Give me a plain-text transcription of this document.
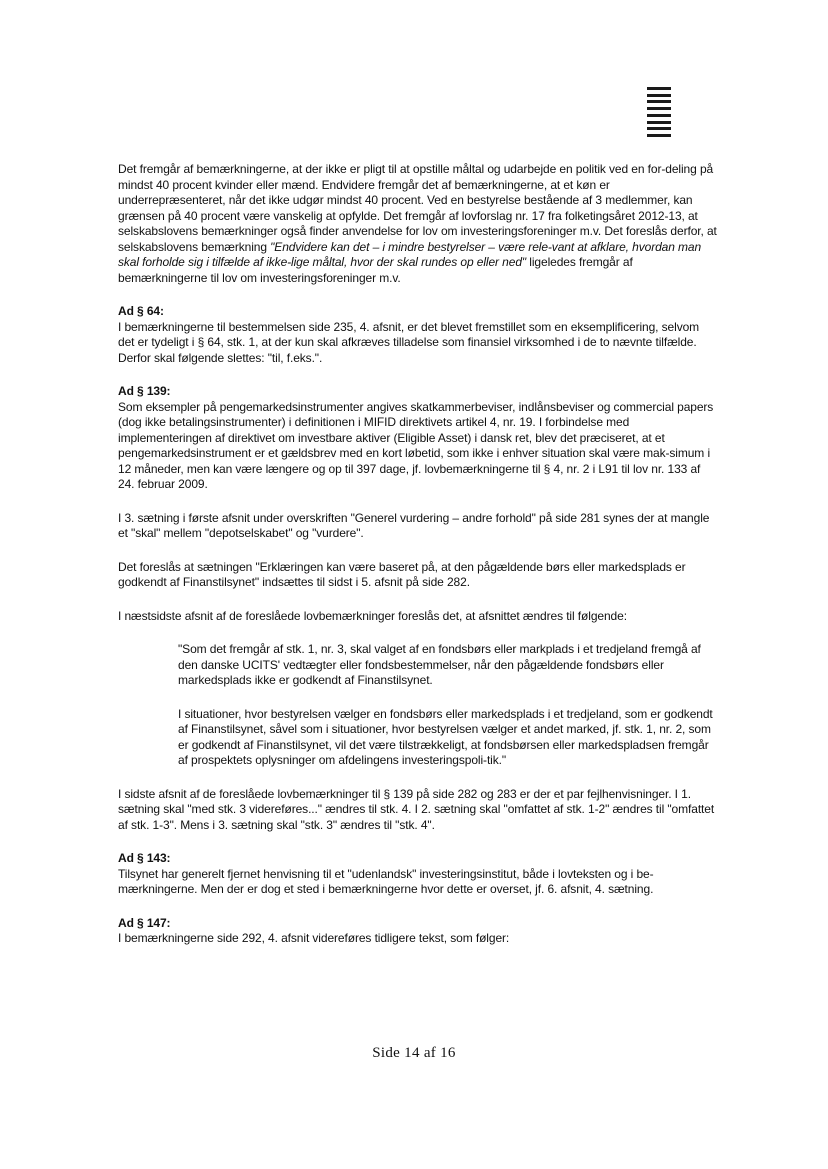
Det fremgår af bemærkningerne, at der ikke er pligt til at opstille måltal og udarbejde en politik ved en for-deling på mindst 40 procent kvinder eller mænd. Endvidere fremgår det af bemærkningerne, at et køn er underrepræsenteret, når det ikke udgør mindst 40 procent. Ved en bestyrelse bestående af 3 medlemmer, kan grænsen på 40 procent være vanskelig at opfylde. Det fremgår af lovforslag nr. 17 fra folketingsåret 2012-13, at selskabslovens bemærkninger også finder anvendelse for lov om investeringsforeninger m.v. Det foreslås derfor, at selskabslovens bemærkning "Endvidere kan det – i mindre bestyrelser – være rele-vant at afklare, hvordan man skal forholde sig i tilfælde af ikke-lige måltal, hvor der skal rundes op eller ned" ligeledes fremgår af bemærkningerne til lov om investeringsforeninger m.v.

Ad § 64:

I bemærkningerne til bestemmelsen side 235, 4. afsnit, er det blevet fremstillet som en eksemplificering, selvom det er tydeligt i § 64, stk. 1, at der kun skal afkræves tilladelse som finansiel virksomhed i de to nævnte tilfælde. Derfor skal følgende slettes: "til, f.eks.".

Ad § 139:

Som eksempler på pengemarkedsinstrumenter angives skatkammerbeviser, indlånsbeviser og commercial papers (dog ikke betalingsinstrumenter) i definitionen i MIFID direktivets artikel 4, nr. 19. I forbindelse med implementeringen af direktivet om investbare aktiver (Eligible Asset) i dansk ret, blev det præciseret, at et pengemarkedsinstrument er et gældsbrev med en kort løbetid, som ikke i enhver situation skal være mak-simum i 12 måneder, men kan være længere og op til 397 dage, jf. lovbemærkningerne til § 4, nr. 2 i L91 til lov nr. 133 af 24. februar 2009.

I 3. sætning i første afsnit under overskriften "Generel vurdering – andre forhold" på side 281 synes der at mangle et "skal" mellem "depotselskabet" og "vurdere".

Det foreslås at sætningen "Erklæringen kan være baseret på, at den pågældende børs eller markedsplads er godkendt af Finanstilsynet" indsættes til sidst i 5. afsnit på side 282.

I næstsidste afsnit af de foreslåede lovbemærkninger foreslås det, at afsnittet ændres til følgende:

"Som det fremgår af stk. 1, nr. 3, skal valget af en fondsbørs eller markplads i et tredjeland fremgå af den danske UCITS' vedtægter eller fondsbestemmelser, når den pågældende fondsbørs eller markedsplads ikke er godkendt af Finanstilsynet.

I situationer, hvor bestyrelsen vælger en fondsbørs eller markedsplads i et tredjeland, som er godkendt af Finanstilsynet, såvel som i situationer, hvor bestyrelsen vælger et andet marked, jf. stk. 1, nr. 2, som er godkendt af Finanstilsynet, vil det være tilstrækkeligt, at fondsbørsen eller markedspladsen fremgår af prospektets oplysninger om afdelingens investeringspoli-tik."

I sidste afsnit af de foreslåede lovbemærkninger til § 139 på side 282 og 283 er der et par fejlhenvisninger. I 1. sætning skal "med stk. 3 videreføres..." ændres til stk. 4. I 2. sætning skal "omfattet af stk. 1-2" ændres til "omfattet af stk. 1-3". Mens i 3. sætning skal "stk. 3" ændres til "stk. 4".

Ad § 143:

Tilsynet har generelt fjernet henvisning til et "udenlandsk" investeringsinstitut, både i lovteksten og i be-mærkningerne. Men der er dog et sted i bemærkningerne hvor dette er overset, jf. 6. afsnit, 4. sætning.

Ad § 147:

I bemærkningerne side 292, 4. afsnit videreføres tidligere tekst, som følger:

Side 14 af 16
